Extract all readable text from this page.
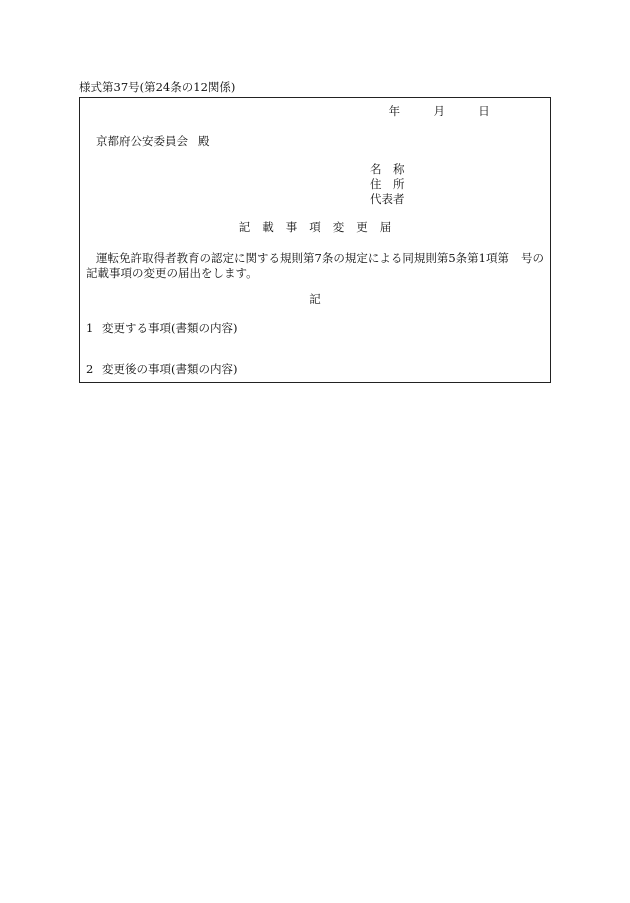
様式第37号(第24条の12関係)
年	月	日
京都府公安委員会 殿
名　称
住　所
代表者
記 載 事 項 変 更 届
運転免許取得者教育の認定に関する規則第7条の規定による同規則第5条第1項第 号の記載事項の変更の届出をします。
記
1 変更する事項(書類の内容)
2 変更後の事項(書類の内容)
